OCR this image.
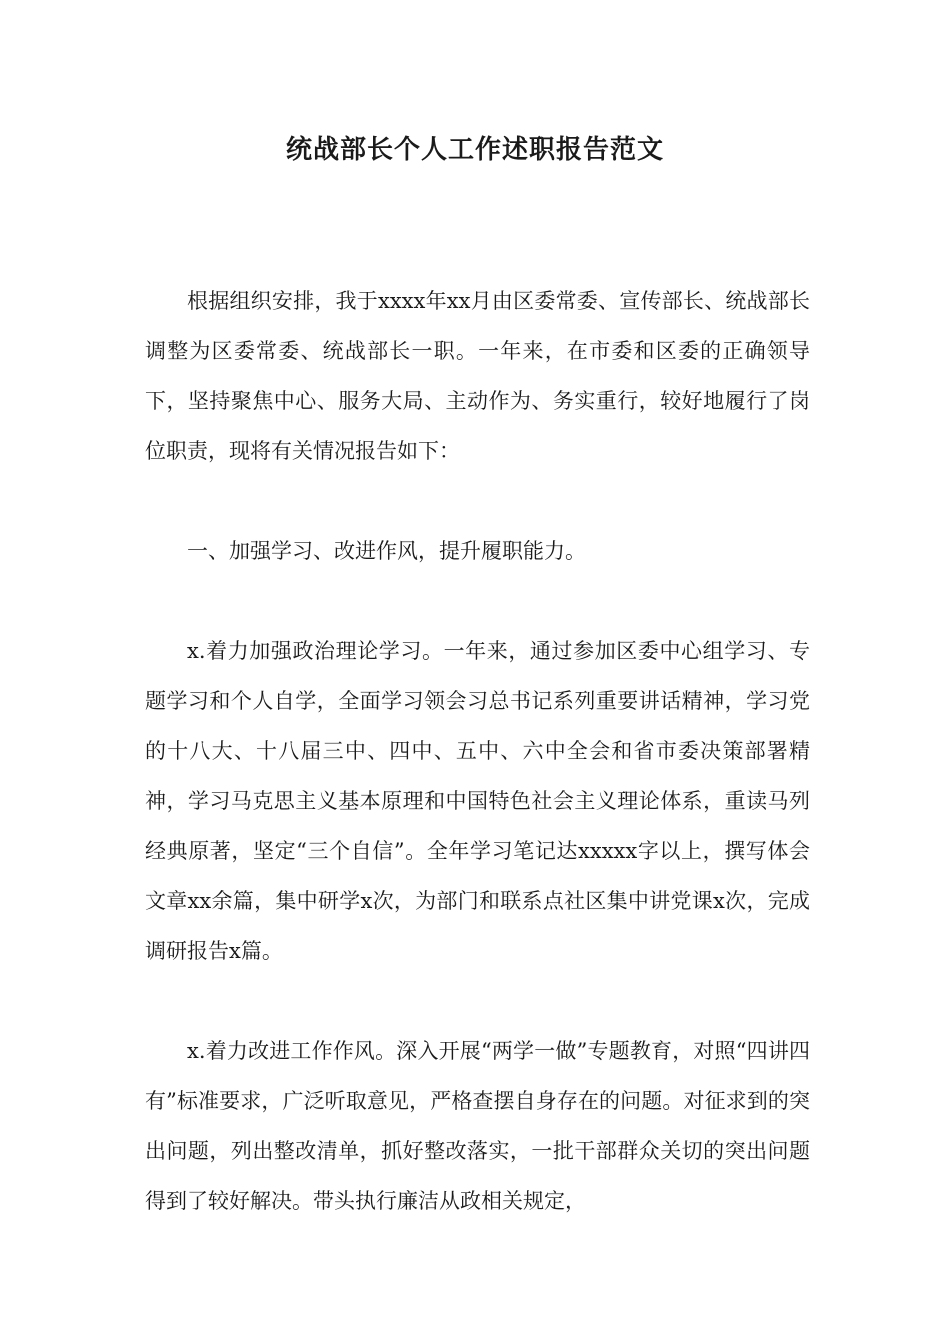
统战部长个人工作述职报告范文

根据组织安排，我于xxxx年xx月由区委常委、宣传部长、统战部长调整为区委常委、统战部长一职。一年来，在市委和区委的正确领导下，坚持聚焦中心、服务大局、主动作为、务实重行，较好地履行了岗位职责，现将有关情况报告如下：

一、加强学习、改进作风，提升履职能力。

x.着力加强政治理论学习。一年来，通过参加区委中心组学习、专题学习和个人自学，全面学习领会习总书记系列重要讲话精神，学习党的十八大、十八届三中、四中、五中、六中全会和省市委决策部署精神，学习马克思主义基本原理和中国特色社会主义理论体系，重读马列经典原著，坚定“三个自信”。全年学习笔记达xxxxx字以上，撰写体会文章xx余篇，集中研学x次，为部门和联系点社区集中讲党课x次，完成调研报告x篇。

x.着力改进工作作风。深入开展“两学一做”专题教育，对照“四讲四有”标准要求，广泛听取意见，严格查摆自身存在的问题。对征求到的突出问题，列出整改清单，抓好整改落实，一批干部群众关切的突出问题得到了较好解决。带头执行廉洁从政相关规定，
